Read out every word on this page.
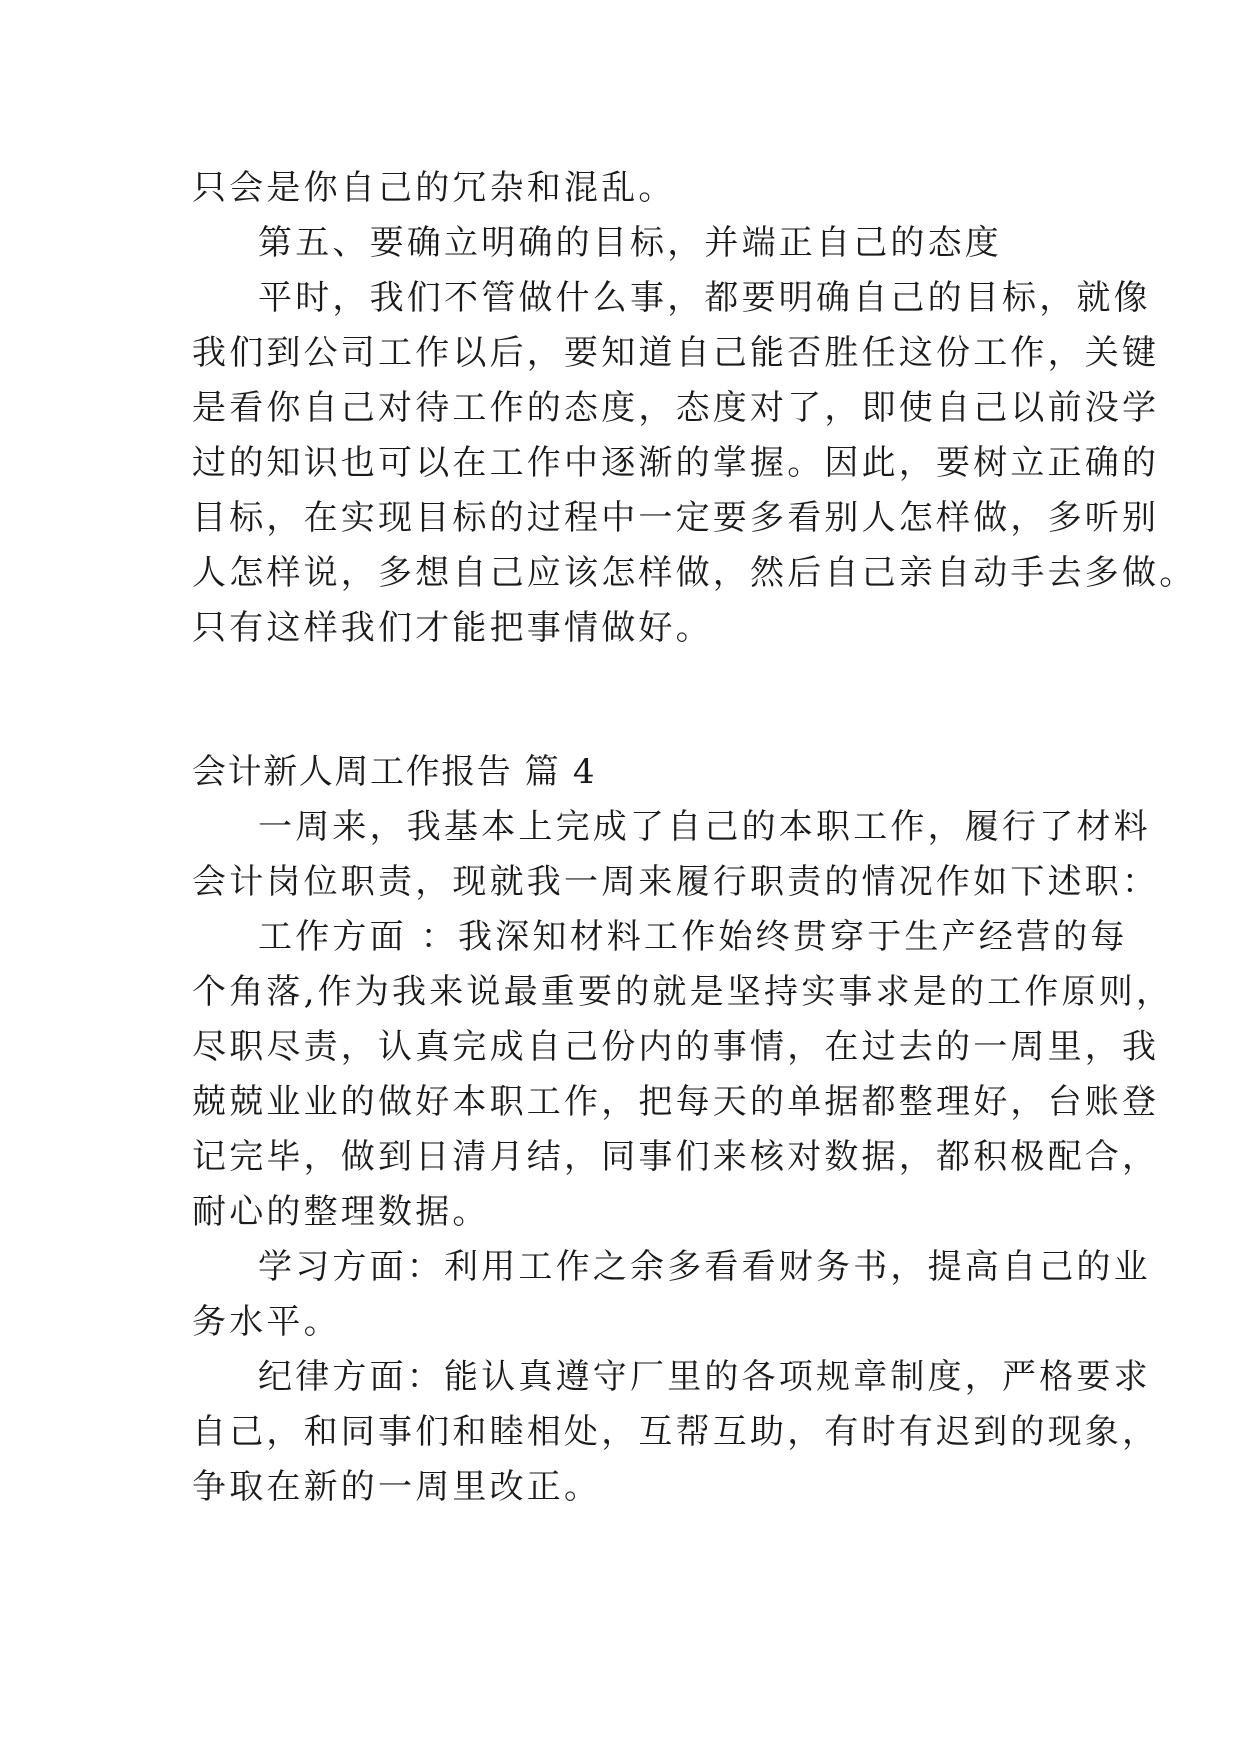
只会是你自己的冗杂和混乱。
第五、要确立明确的目标，并端正自己的态度
平时，我们不管做什么事，都要明确自己的目标，就像
我们到公司工作以后，要知道自己能否胜任这份工作，关键
是看你自己对待工作的态度，态度对了，即使自己以前没学
过的知识也可以在工作中逐渐的掌握。因此，要树立正确的
目标，在实现目标的过程中一定要多看别人怎样做，多听别
人怎样说，多想自己应该怎样做，然后自己亲自动手去多做。
只有这样我们才能把事情做好。
会计新人周工作报告 篇 4
一周来，我基本上完成了自己的本职工作，履行了材料
会计岗位职责，现就我一周来履行职责的情况作如下述职：
工作方面 ：我深知材料工作始终贯穿于生产经营的每
个角落,作为我来说最重要的就是坚持实事求是的工作原则，
尽职尽责，认真完成自己份内的事情，在过去的一周里，我
兢兢业业的做好本职工作，把每天的单据都整理好，台账登
记完毕，做到日清月结，同事们来核对数据，都积极配合，
耐心的整理数据。
学习方面：利用工作之余多看看财务书，提高自己的业
务水平。
纪律方面：能认真遵守厂里的各项规章制度，严格要求
自己，和同事们和睦相处，互帮互助，有时有迟到的现象，
争取在新的一周里改正。
